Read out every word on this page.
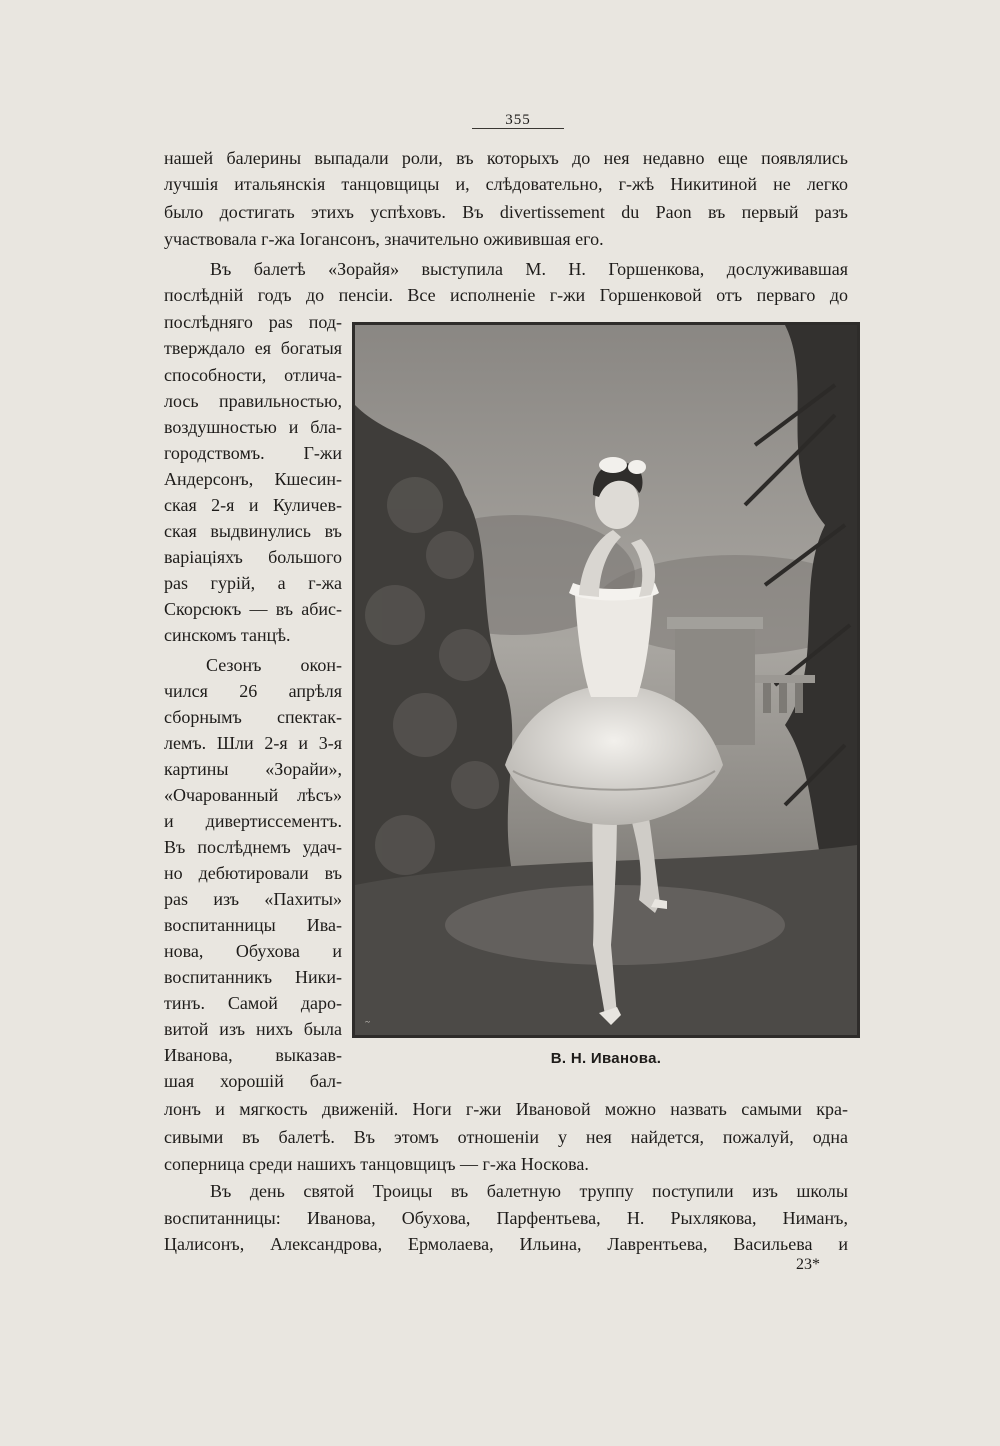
355
нашей балерины выпадали роли, въ которыхъ до нея недавно еще появлялись
лучшія итальянскія танцовщицы и, слѣдовательно, г-жѣ Никитиной не легко
было достигать этихъ успѣховъ. Въ divertissement du Paon въ первый разъ
участвовала г-жа Іогансонъ, значительно оживившая его.
Въ балетѣ «Зорайя» выступила М. Н. Горшенкова, дослуживавшая
послѣдній годъ до пенсіи. Все исполненіе г-жи Горшенковой отъ перваго до
послѣдняго pas под-
тверждало ея богатыя
способности, отлича-
лось правильностью,
воздушностью и бла-
городствомъ. Г-жи
Андерсонъ, Кшесин-
ская 2-я и Куличев-
ская выдвинулись въ
варіаціяхъ большого
pas гурій, а г-жа
Скорсюкъ — въ абис-
синскомъ танцѣ.
Сезонъ окон-
чился 26 апрѣля
сборнымъ спектак-
лемъ. Шли 2-я и 3-я
картины «Зорайи»,
«Очарованный лѣсъ»
и дивертиссементъ.
Въ послѣднемъ удач-
но дебютировали въ
pas изъ «Пахиты»
воспитанницы Ива-
нова, Обухова и
воспитанникъ Ники-
тинъ. Самой даро-
витой изъ нихъ была
Иванова, выказав-
шая хорошій бал-
лонъ и мягкость движеній. Ноги г-жи Ивановой можно назвать самыми кра-
сивыми въ балетѣ. Въ этомъ отношеніи у нея найдется, пожалуй, одна
соперница среди нашихъ танцовщицъ — г-жа Носкова.
Въ день святой Троицы въ балетную труппу поступили изъ школы
воспитанницы: Иванова, Обухова, Парфентьева, Н. Рыхлякова, Ниманъ,
Цалисонъ, Александрова, Ермолаева, Ильина, Лаврентьева, Васильева и
23*
~
В. Н. Иванова.
